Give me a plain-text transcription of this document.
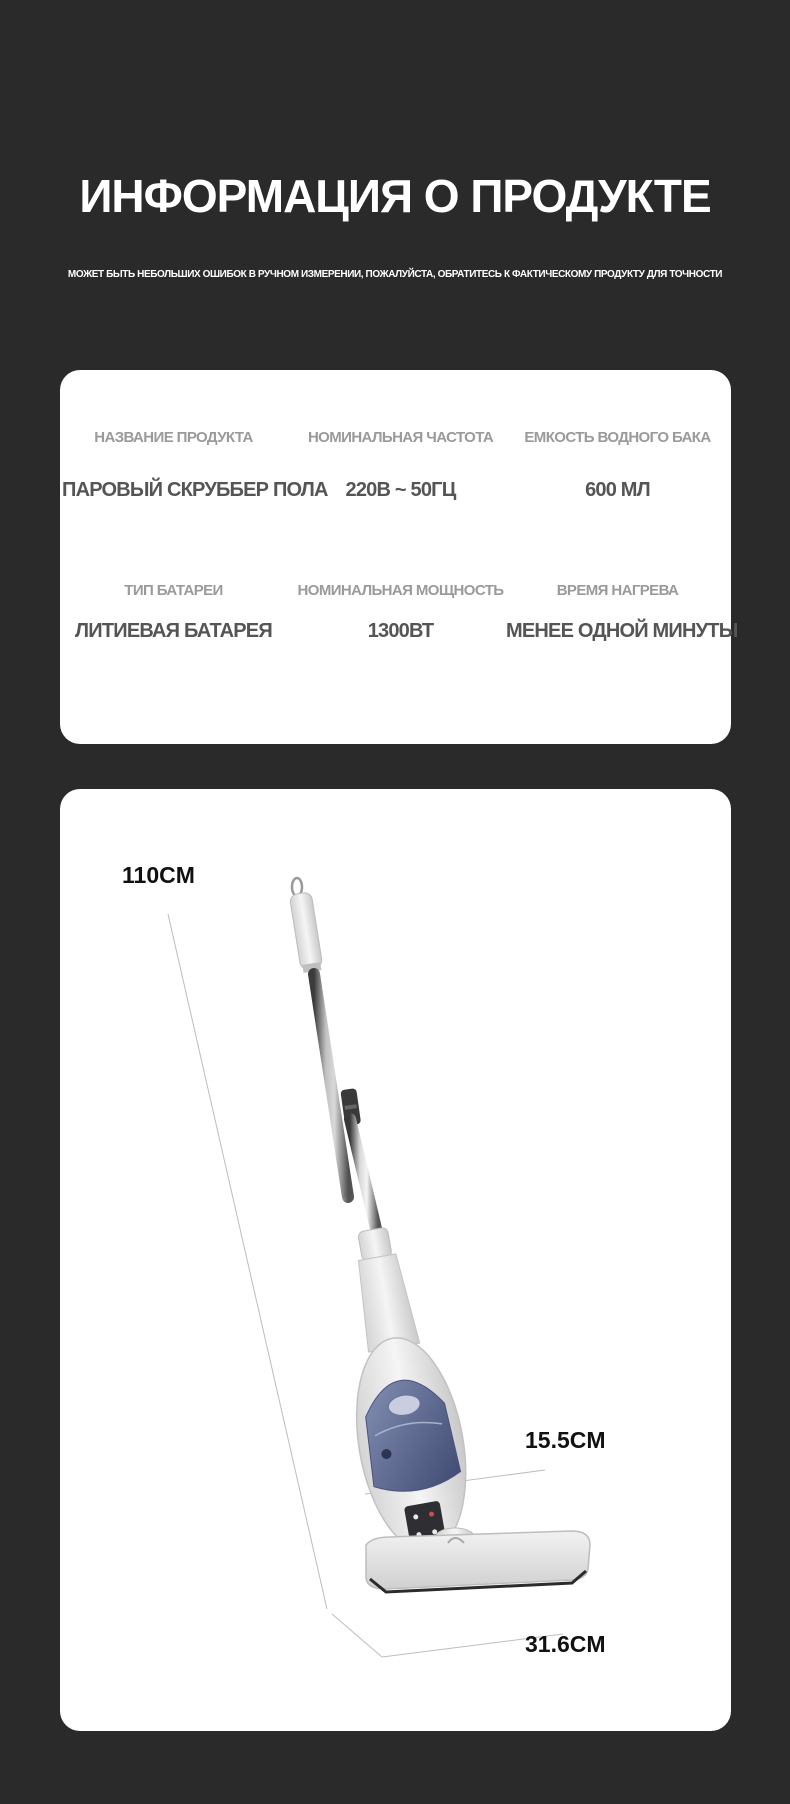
ИНФОРМАЦИЯ О ПРОДУКТЕ
МОЖЕТ БЫТЬ НЕБОЛЬШИХ ОШИБОК В РУЧНОМ ИЗМЕРЕНИИ, ПОЖАЛУЙСТА, ОБРАТИТЕСЬ К ФАКТИЧЕСКОМУ ПРОДУКТУ ДЛЯ ТОЧНОСТИ
НАЗВАНИЕ ПРОДУКТА
ПАРОВЫЙ СКРУББЕР ПОЛА
НОМИНАЛЬНАЯ ЧАСТОТА
220В ~ 50ГЦ
ЕМКОСТЬ ВОДНОГО БАКА
600 МЛ
ТИП БАТАРЕИ
ЛИТИЕВАЯ БАТАРЕЯ
НОМИНАЛЬНАЯ МОЩНОСТЬ
1300ВТ
ВРЕМЯ НАГРЕВА
МЕНЕЕ ОДНОЙ МИНУТЫ
110CM
15.5CM
31.6CM
